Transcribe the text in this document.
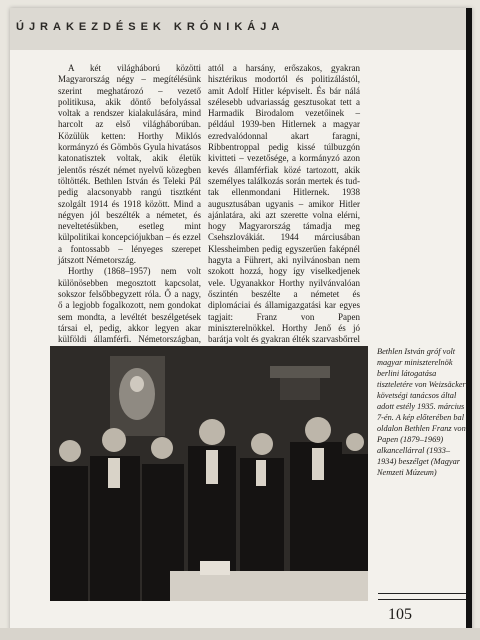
ÚJRAKEZDÉSEK KRÓNIKÁJA

A két világháború közötti Magyarország négy – megítélésünk szerint meghatározó – vezető politikusa, akik döntő befolyással voltak a rendszer kialakulására, mind harcolt az első világháborúban. Közülük ketten: Horthy Miklós kormányzó és Gömbös Gyula hivatásos katonatisztek voltak, akik életük jelentős részét német nyelvű közegben töltötték. Bethlen István és Teleki Pál pedig alacsonyabb rangú tisztként szolgált 1914 és 1918 között. Mind a négyen jól beszélték a németet, és neveltetésükben, esetleg mint külpolitikai koncepciójukban – és ezzel a fontossabb – lényeges szerepet játszott Németország.

Horthy (1868–1957) nem volt különösebben megosztott kapcsolat, sokszor felsőbbegyzett róla. Ő a nagy, ő a legjobb fogalkozott, nem gondokat sem mondta, a levéltét beszélgetések társai el, pedig, akkor legyen akar külföldi államférfi. Németországban,

attól a harsány, erőszakos, gyakran hisztérikus modortól és politizálástól, amit Adolf Hitler képviselt. És bár nálá szélesebb udvariasság gesztusokat tett a Harmadik Birodalom vezetőinek – például 1939-ben Hitlernek a magyar ezredvalódonnal akart faragni, Ribbentroppal pedig kissé túlbuzgón kivitteti – vezetősége, a kormányzó azon kevés államférfiak közé tartozott, akik személyes találkozás során mertek és tudtak ellenmondani Hitlernek. 1938 augusztusában ugyanis – amikor Hitler ajánlatára, aki azt szerette volna elérni, hogy Magyarország támadja meg Csehszlovákiát. 1944 márciusában Klessheimben pedig egyszerűen faképnél hagyta a Führert, aki nyilvánosban nem szokott hozzá, hogy így viselkedjenek vele. Ugyanakkor Horthy nyilvánvalóan őszintén beszélte a németet és diplomáciai és államigazgatási kar egyes tagjait: Franz von Papen miniszterelnökkel. Horthy Jenő és jó barátja volt és gyakran élték szarvasbőrrel

Bethlen István gróf volt magyar miniszterelnök berlini látogatása tiszteletére von Weizsäcker követségi tanácsos által adott estély 1935. március 7-én. A kép előterében bal oldalon Bethlen Franz von Papen (1879–1969) alkancellárral (1933–1934) beszélget (Magyar Nemzeti Múzeum)
105
